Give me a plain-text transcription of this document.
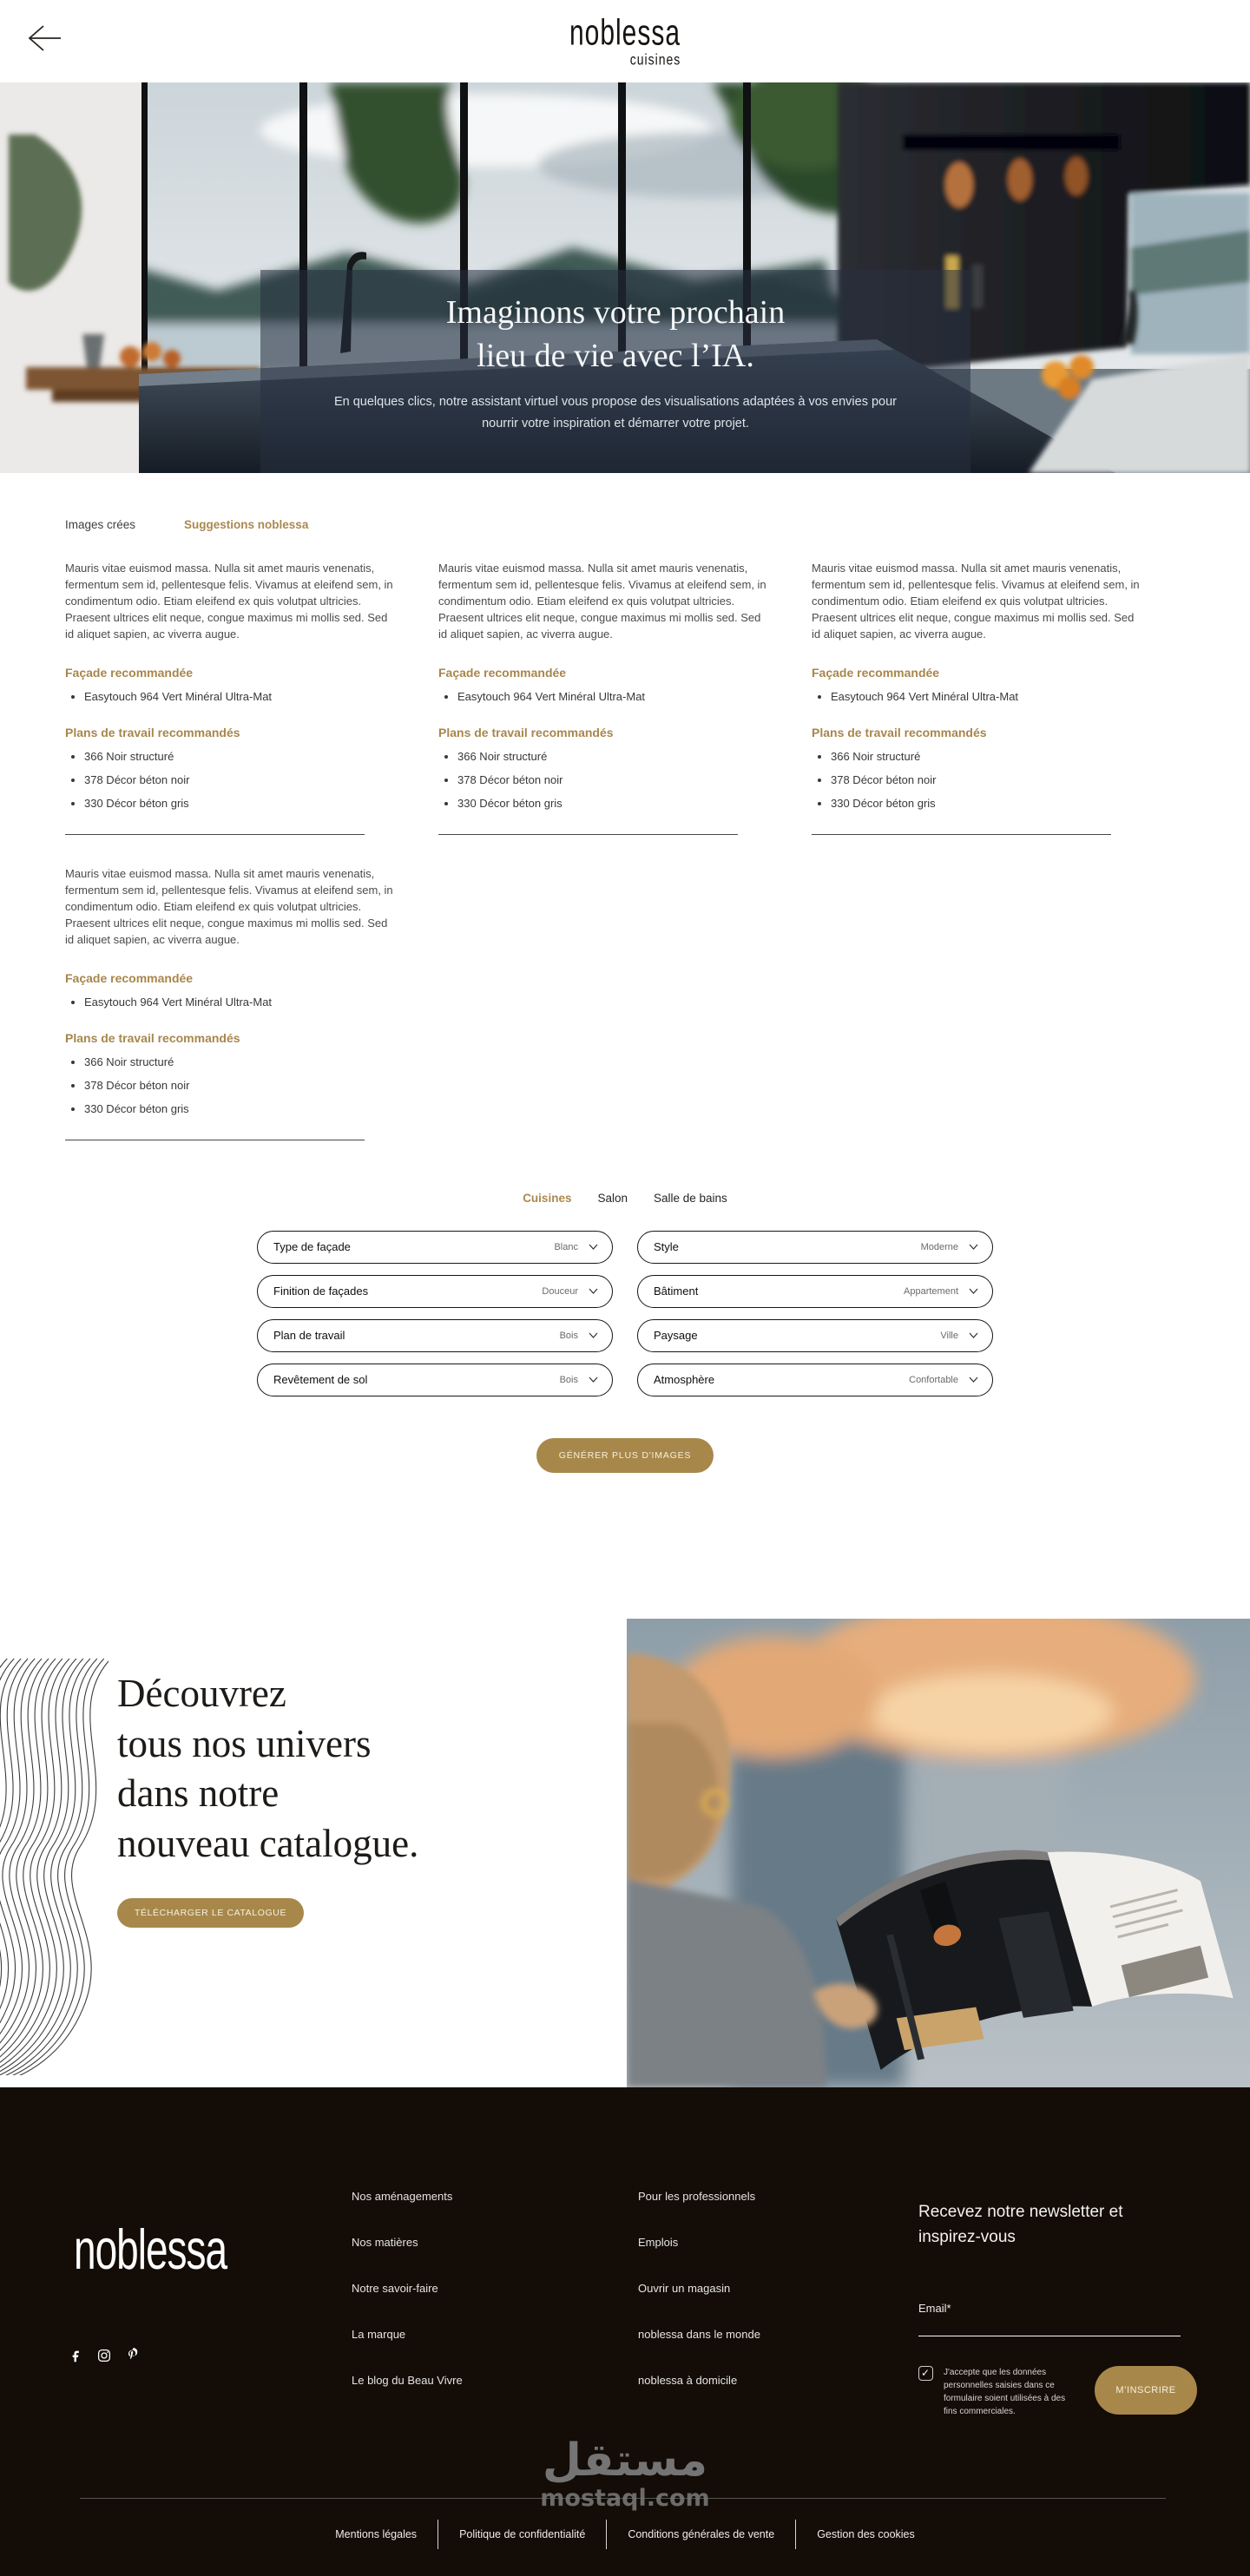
noblessa
cuisines
Imaginons votre prochain
lieu de vie avec l’IA.
En quelques clics, notre assistant virtuel vous propose des visualisations adaptées à vos envies pour nourrir votre inspiration et démarrer votre projet.
Images crées	Suggestions noblessa

Mauris vitae euismod massa. Nulla sit amet mauris venenatis, fermentum sem id, pellentesque felis. Vivamus at eleifend sem, in condimentum odio. Etiam eleifend ex quis volutpat ultricies. Praesent ultrices elit neque, congue maximus mi mollis sed. Sed id aliquet sapien, ac viverra augue.

Façade recommandée
• Easytouch 964 Vert Minéral Ultra-Mat
Plans de travail recommandés
• 366 Noir structuré
• 378 Décor béton noir
• 330 Décor béton gris

Mauris vitae euismod massa. Nulla sit amet mauris venenatis, fermentum sem id, pellentesque felis. Vivamus at eleifend sem, in condimentum odio. Etiam eleifend ex quis volutpat ultricies. Praesent ultrices elit neque, congue maximus mi mollis sed. Sed id aliquet sapien, ac viverra augue.

Façade recommandée
• Easytouch 964 Vert Minéral Ultra-Mat
Plans de travail recommandés
• 366 Noir structuré
• 378 Décor béton noir
• 330 Décor béton gris

Mauris vitae euismod massa. Nulla sit amet mauris venenatis, fermentum sem id, pellentesque felis. Vivamus at eleifend sem, in condimentum odio. Etiam eleifend ex quis volutpat ultricies. Praesent ultrices elit neque, congue maximus mi mollis sed. Sed id aliquet sapien, ac viverra augue.

Façade recommandée
• Easytouch 964 Vert Minéral Ultra-Mat
Plans de travail recommandés
• 366 Noir structuré
• 378 Décor béton noir
• 330 Décor béton gris

Mauris vitae euismod massa. Nulla sit amet mauris venenatis, fermentum sem id, pellentesque felis. Vivamus at eleifend sem, in condimentum odio. Etiam eleifend ex quis volutpat ultricies. Praesent ultrices elit neque, congue maximus mi mollis sed. Sed id aliquet sapien, ac viverra augue.

Façade recommandée
• Easytouch 964 Vert Minéral Ultra-Mat
Plans de travail recommandés
• 366 Noir structuré
• 378 Décor béton noir
• 330 Décor béton gris
Cuisines Salon Salle de bains
Type de façade	Blanc	Style	Moderne
Finition de façades	Douceur	Bâtiment	Appartement
Plan de travail	Bois	Paysage	Ville
Revêtement de sol	Bois	Atmosphère	Confortable
GÉNÉRER PLUS D'IMAGES
Découvrez
tous nos univers
dans notre
nouveau catalogue.
TÉLÉCHARGER LE CATALOGUE
noblessa
Nos aménagements
Nos matières
Notre savoir-faire
La marque
Le blog du Beau Vivre
Pour les professionnels
Emplois
Ouvrir un magasin
noblessa dans le monde
noblessa à domicile
Recevez notre newsletter et inspirez-vous
Email*
✓
J'accepte que les données personnelles saisies dans ce formulaire soient utilisées à des fins commerciales.
M’INSCRIRE
مستقل
mostaql.com
Mentions légales	Politique de confidentialité	Conditions générales de vente	Gestion des cookies
